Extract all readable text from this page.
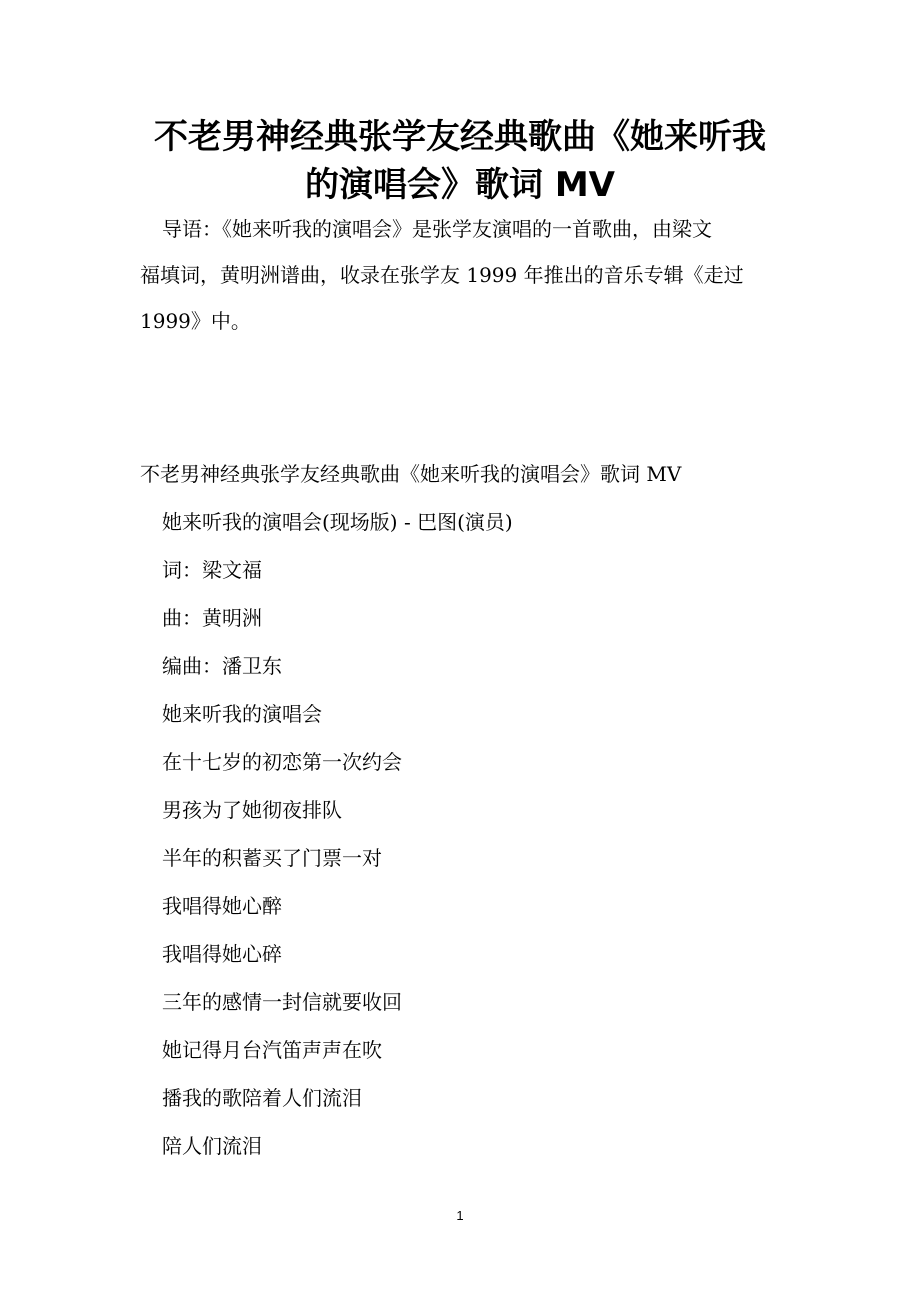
不老男神经典张学友经典歌曲《她来听我
的演唱会》歌词 MV

导语：《她来听我的演唱会》是张学友演唱的一首歌曲，由梁文
福填词，黄明洲谱曲，收录在张学友 1999 年推出的音乐专辑《走过
1999》中。

不老男神经典张学友经典歌曲《她来听我的演唱会》歌词 MV
她来听我的演唱会(现场版) - 巴图(演员)
词：梁文福
曲：黄明洲
编曲：潘卫东
她来听我的演唱会
在十七岁的初恋第一次约会
男孩为了她彻夜排队
半年的积蓄买了门票一对
我唱得她心醉
我唱得她心碎
三年的感情一封信就要收回
她记得月台汽笛声声在吹
播我的歌陪着人们流泪
陪人们流泪
1
